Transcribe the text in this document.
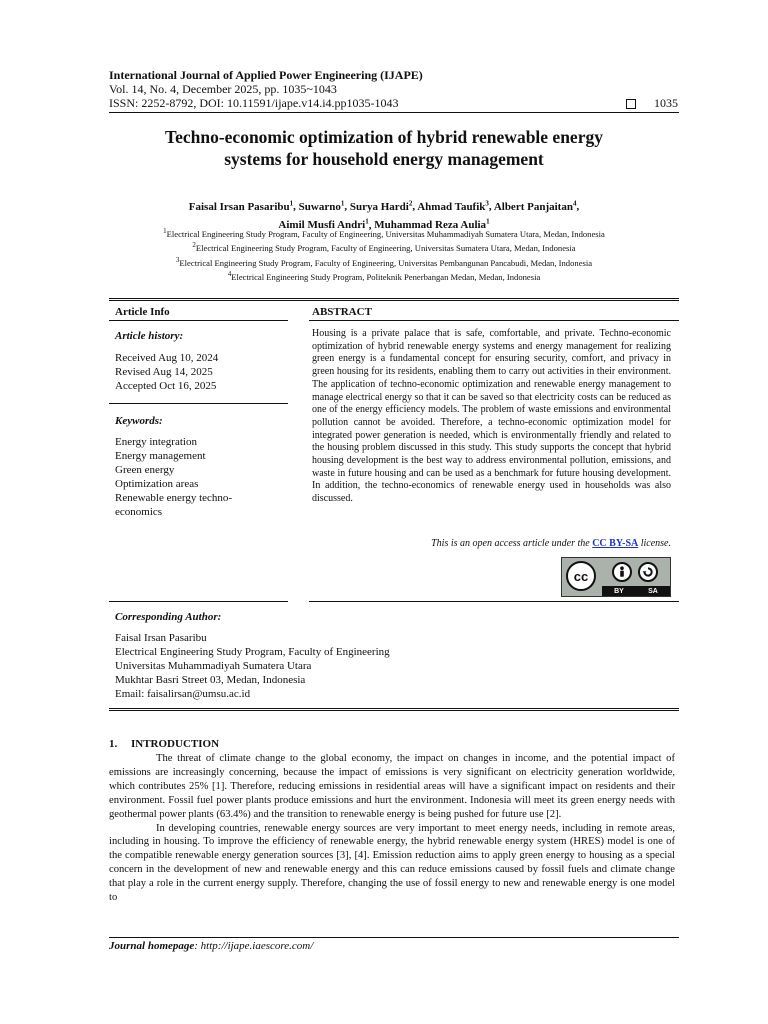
International Journal of Applied Power Engineering (IJAPE)
Vol. 14, No. 4, December 2025, pp. 1035~1043
ISSN: 2252-8792, DOI: 10.11591/ijape.v14.i4.pp1035-1043	1035
Techno-economic optimization of hybrid renewable energy
systems for household energy management
Faisal Irsan Pasaribu$^1$, Suwarno$^1$, Surya Hardi$^2$, Ahmad Taufik$^3$, Albert Panjaitan$^4$,
Aimil Musfi Andri$^1$, Muhammad Reza Aulia$^1$
$^1$Electrical Engineering Study Program, Faculty of Engineering, Universitas Muhammadiyah Sumatera Utara, Medan, Indonesia
$^2$Electrical Engineering Study Program, Faculty of Engineering, Universitas Sumatera Utara, Medan, Indonesia
$^3$Electrical Engineering Study Program, Faculty of Engineering, Universitas Pembangunan Pancabudi, Medan, Indonesia
$^4$Electrical Engineering Study Program, Politeknik Penerbangan Medan, Medan, Indonesia
Article Info
Article history:
Received Aug 10, 2024
Revised Aug 14, 2025
Accepted Oct 16, 2025
Keywords:
Energy integration
Energy management
Green energy
Optimization areas
Renewable energy techno-
economics
ABSTRACT
Housing is a private palace that is safe, comfortable, and private. Techno-economic optimization of hybrid renewable energy systems and energy management for realizing green energy is a fundamental concept for ensuring security, comfort, and privacy in green housing for its residents, enabling them to carry out activities in their environment. The application of techno-economic optimization and renewable energy management to manage electrical energy so that it can be saved so that electricity costs can be reduced as one of the energy efficiency models. The problem of waste emissions and environmental pollution cannot be avoided. Therefore, a techno-economic optimization model for integrated power generation is needed, which is environmentally friendly and related to the housing problem discussed in this study. This study supports the concept that hybrid housing development is the best way to address environmental pollution, emissions, and waste in future housing and can be used as a benchmark for future housing development. In addition, the techno-economics of renewable energy used in households was also discussed.
This is an open access article under the CC BY-SA license.
cc
BY	SA
Corresponding Author:
Faisal Irsan Pasaribu
Electrical Engineering Study Program, Faculty of Engineering
Universitas Muhammadiyah Sumatera Utara
Mukhtar Basri Street 03, Medan, Indonesia
Email: faisalirsan@umsu.ac.id
1.     INTRODUCTION

The threat of climate change to the global economy, the impact on changes in income, and the potential impact of emissions are increasingly concerning, because the impact of emissions is very significant on electricity generation worldwide, which contributes 25% [1]. Therefore, reducing emissions in residential areas will have a significant impact on residents and their environment. Fossil fuel power plants produce emissions and hurt the environment. Indonesia will meet its green energy needs with geothermal power plants (63.4%) and the transition to renewable energy is being pushed for future use [2].

In developing countries, renewable energy sources are very important to meet energy needs, including in remote areas, including in housing. To improve the efficiency of renewable energy, the hybrid renewable energy system (HRES) model is one of the compatible renewable energy generation sources [3], [4]. Emission reduction aims to apply green energy to housing as a special concern in the development of new and renewable energy and this can reduce emissions caused by fossil fuels and climate change that play a role in the current energy supply. Therefore, changing the use of fossil energy to new and renewable energy is one model to

Journal homepage: http://ijape.iaescore.com/
